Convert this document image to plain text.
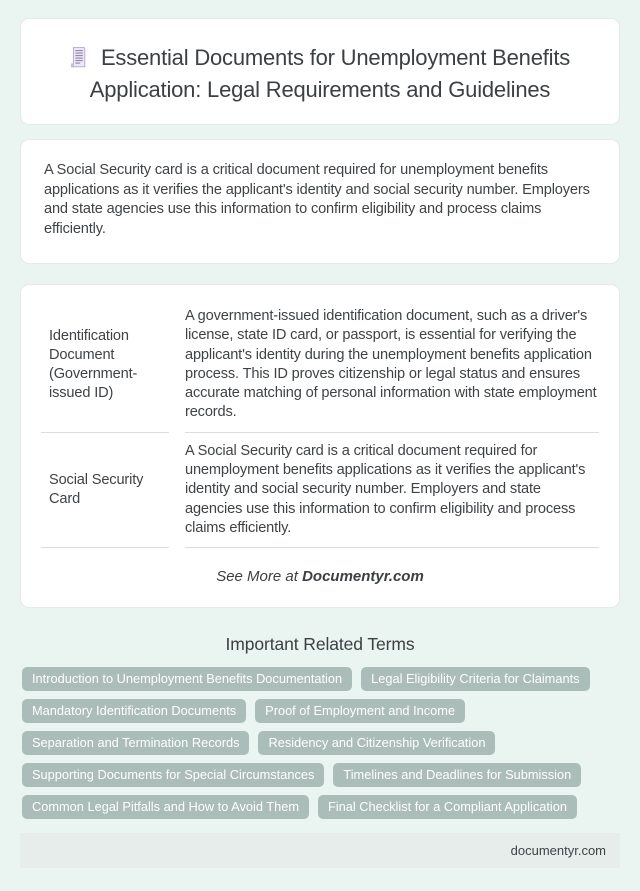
Essential Documents for Unemployment Benefits Application: Legal Requirements and Guidelines

A Social Security card is a critical document required for unemployment benefits applications as it verifies the applicant's identity and social security number. Employers and state agencies use this information to confirm eligibility and process claims efficiently.

Identification Document (Government-issued ID)	A government-issued identification document, such as a driver's license, state ID card, or passport, is essential for verifying the applicant's identity during the unemployment benefits application process. This ID proves citizenship or legal status and ensures accurate matching of personal information with state employment records.
Social Security Card	A Social Security card is a critical document required for unemployment benefits applications as it verifies the applicant's identity and social security number. Employers and state agencies use this information to confirm eligibility and process claims efficiently.
See More at Documentyr.com
Important Related Terms
Introduction to Unemployment Benefits Documentation	Legal Eligibility Criteria for Claimants
Mandatory Identification Documents	Proof of Employment and Income
Separation and Termination Records	Residency and Citizenship Verification
Supporting Documents for Special Circumstances	Timelines and Deadlines for Submission
Common Legal Pitfalls and How to Avoid Them	Final Checklist for a Compliant Application
documentyr.com
